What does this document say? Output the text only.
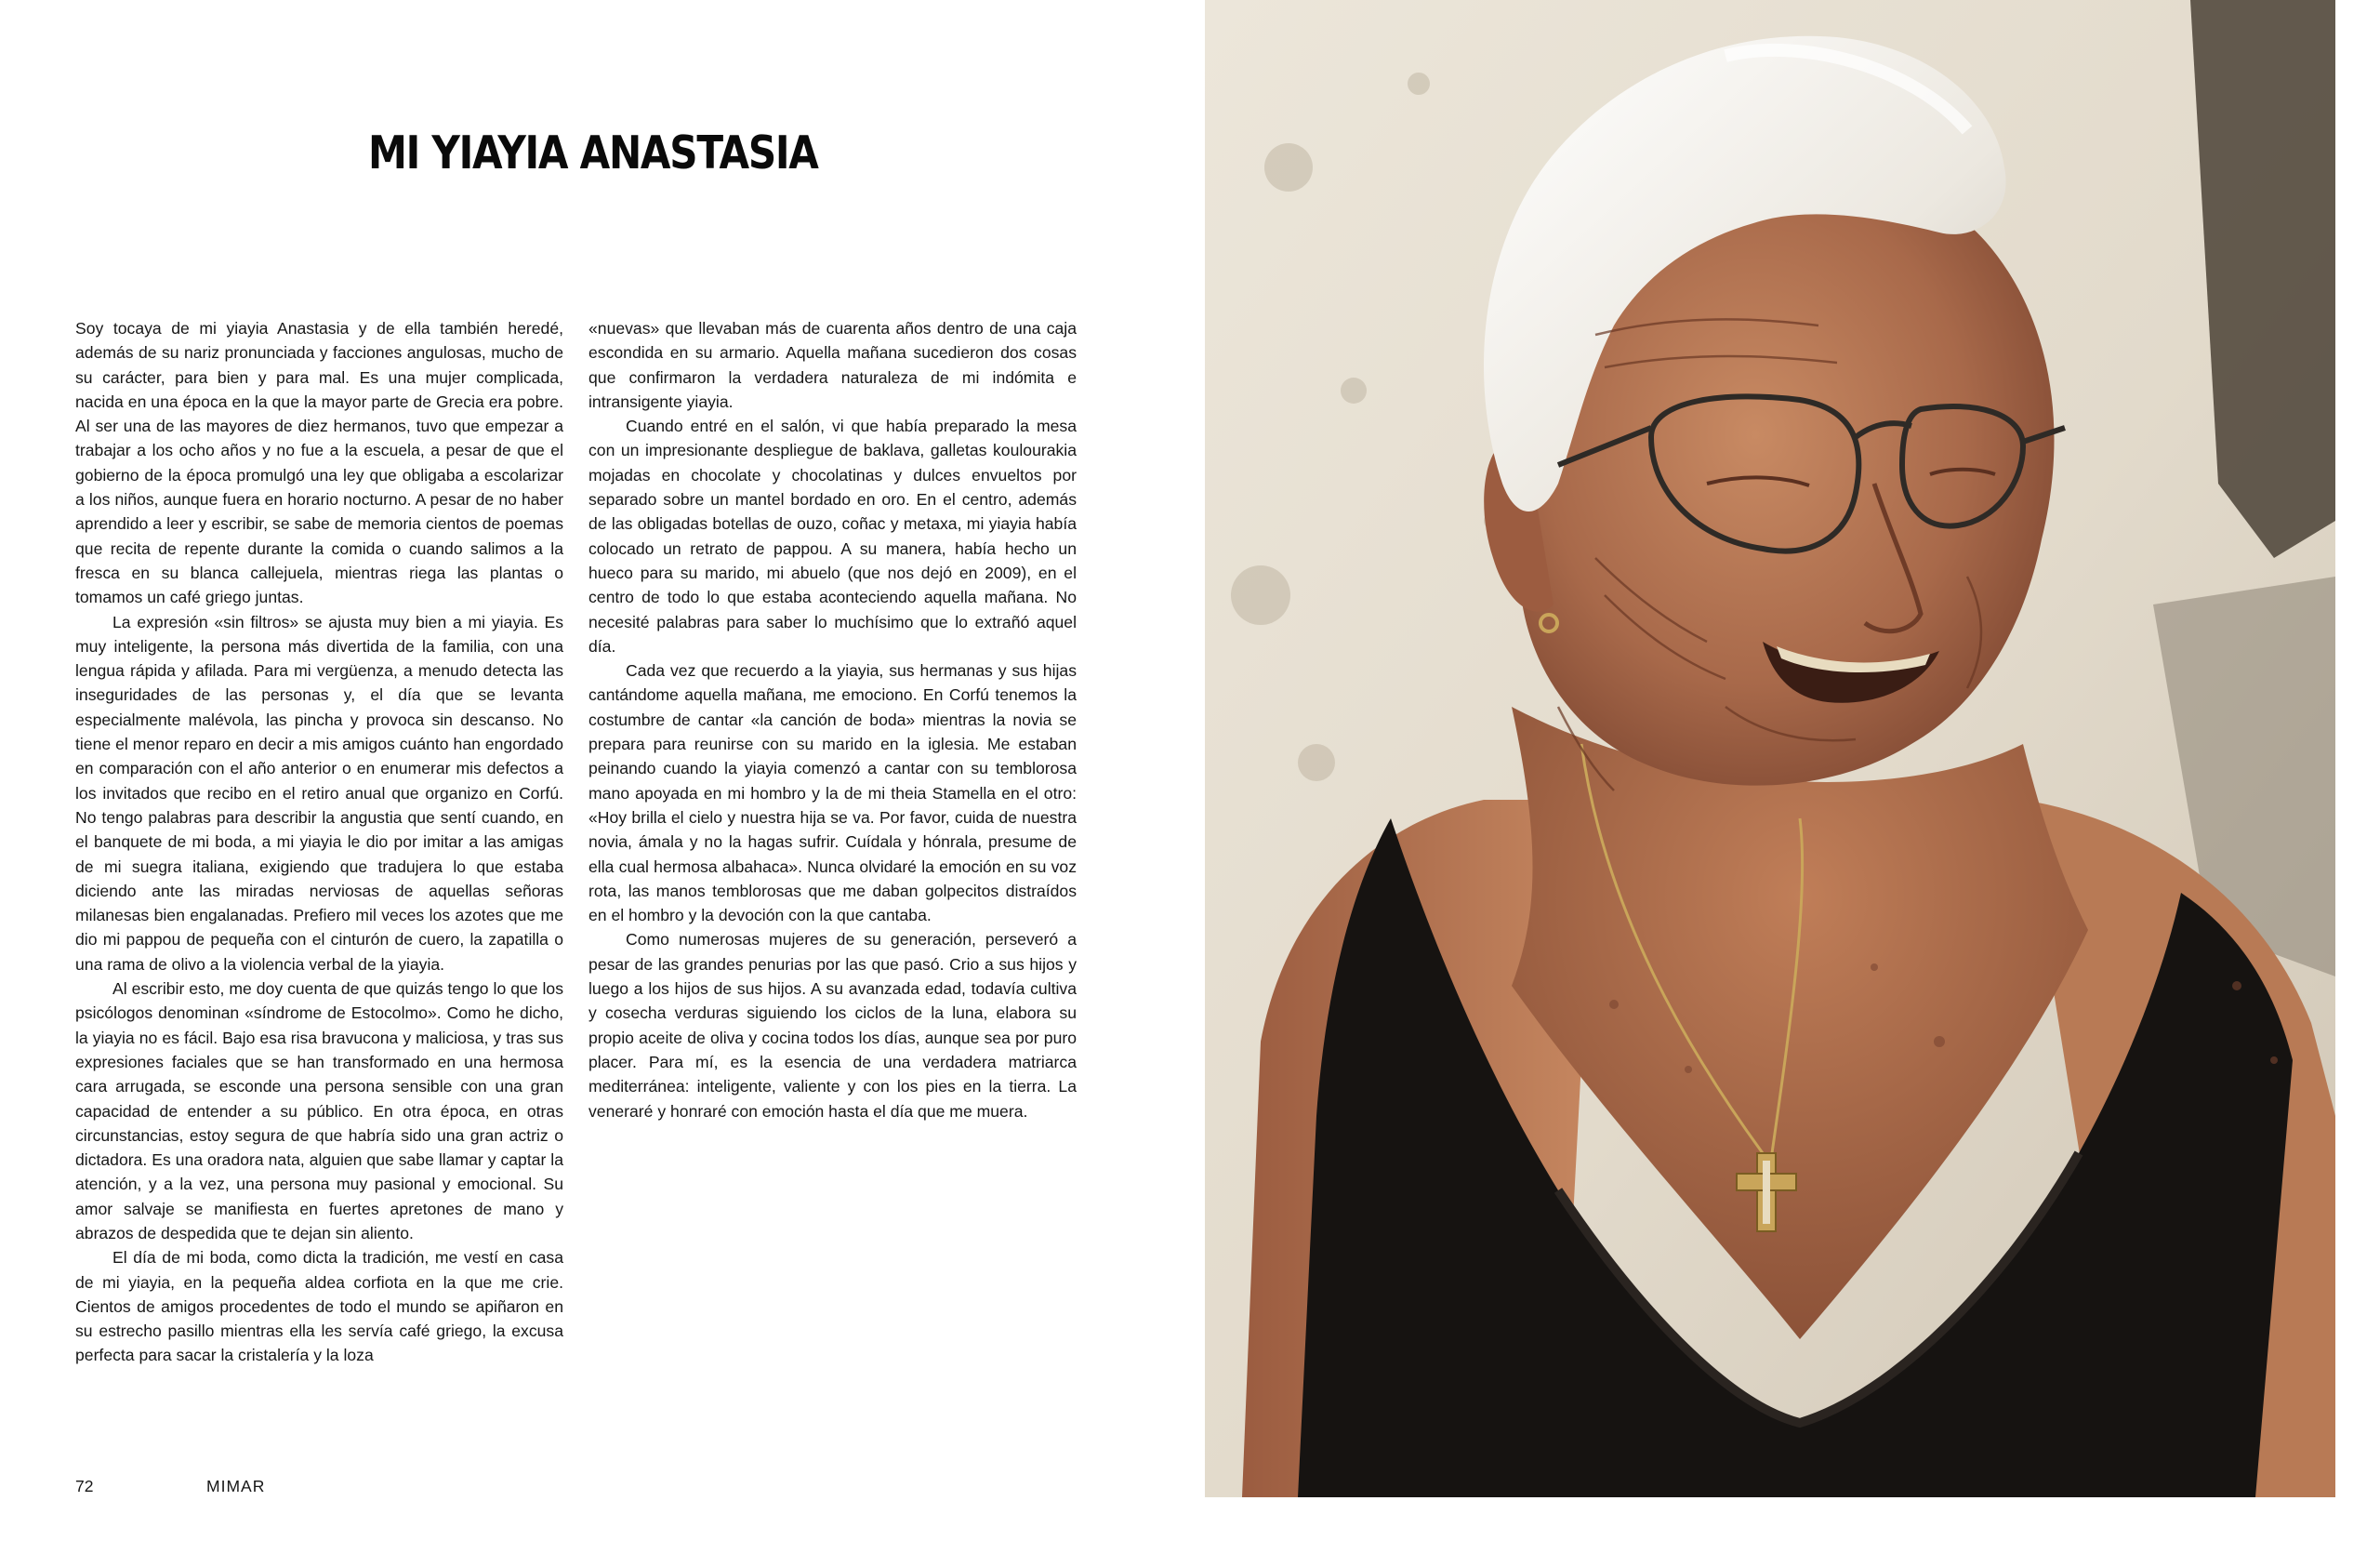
MI YIAYIA ANASTASIA

Soy tocaya de mi yiayia Anastasia y de ella también heredé, además de su nariz pronunciada y facciones angulosas, mucho de su carácter, para bien y para mal. Es una mujer complicada, nacida en una época en la que la mayor parte de Grecia era pobre. Al ser una de las mayores de diez hermanos, tuvo que empezar a trabajar a los ocho años y no fue a la escuela, a pesar de que el gobierno de la época promulgó una ley que obligaba a escolarizar a los niños, aunque fuera en horario nocturno. A pesar de no haber aprendido a leer y escribir, se sabe de memoria cientos de poemas que recita de repente durante la comida o cuando salimos a la fresca en su blanca callejuela, mientras riega las plantas o tomamos un café griego juntas.

La expresión «sin filtros» se ajusta muy bien a mi yiayia. Es muy inteligente, la persona más divertida de la familia, con una lengua rápida y afilada. Para mi vergüenza, a menudo detecta las inseguridades de las personas y, el día que se levanta especialmente malévola, las pincha y provoca sin descanso. No tiene el menor reparo en decir a mis amigos cuánto han engordado en comparación con el año anterior o en enumerar mis defectos a los invitados que recibo en el retiro anual que organizo en Corfú. No tengo palabras para describir la angustia que sentí cuando, en el banquete de mi boda, a mi yiayia le dio por imitar a las amigas de mi suegra italiana, exigiendo que tradujera lo que estaba diciendo ante las miradas nerviosas de aquellas señoras milanesas bien engalanadas. Prefiero mil veces los azotes que me dio mi pappou de pequeña con el cinturón de cuero, la zapatilla o una rama de olivo a la violencia verbal de la yiayia.

Al escribir esto, me doy cuenta de que quizás tengo lo que los psicólogos denominan «síndrome de Estocolmo». Como he dicho, la yiayia no es fácil. Bajo esa risa bravucona y maliciosa, y tras sus expresiones faciales que se han transformado en una hermosa cara arrugada, se esconde una persona sensible con una gran capacidad de entender a su público. En otra época, en otras circunstancias, estoy segura de que habría sido una gran actriz o dictadora. Es una oradora nata, alguien que sabe llamar y captar la atención, y a la vez, una persona muy pasional y emocional. Su amor salvaje se manifiesta en fuertes apretones de mano y abrazos de despedida que te dejan sin aliento.

El día de mi boda, como dicta la tradición, me vestí en casa de mi yiayia, en la pequeña aldea corfiota en la que me crie. Cientos de amigos procedentes de todo el mundo se apiñaron en su estrecho pasillo mientras ella les servía café griego, la excusa perfecta para sacar la cristalería y la loza

«nuevas» que llevaban más de cuarenta años dentro de una caja escondida en su armario. Aquella mañana sucedieron dos cosas que confirmaron la verdadera naturaleza de mi indómita e intransigente yiayia.

Cuando entré en el salón, vi que había preparado la mesa con un impresionante despliegue de baklava, galletas koulourakia mojadas en chocolate y chocolatinas y dulces envueltos por separado sobre un mantel bordado en oro. En el centro, además de las obligadas botellas de ouzo, coñac y metaxa, mi yiayia había colocado un retrato de pappou. A su manera, había hecho un hueco para su marido, mi abuelo (que nos dejó en 2009), en el centro de todo lo que estaba aconteciendo aquella mañana. No necesité palabras para saber lo muchísimo que lo extrañó aquel día.

Cada vez que recuerdo a la yiayia, sus hermanas y sus hijas cantándome aquella mañana, me emociono. En Corfú tenemos la costumbre de cantar «la canción de boda» mientras la novia se prepara para reunirse con su marido en la iglesia. Me estaban peinando cuando la yiayia comenzó a cantar con su temblorosa mano apoyada en mi hombro y la de mi theia Stamella en el otro: «Hoy brilla el cielo y nuestra hija se va. Por favor, cuida de nuestra novia, ámala y no la hagas sufrir. Cuídala y hónrala, presume de ella cual hermosa albahaca». Nunca olvidaré la emoción en su voz rota, las manos temblorosas que me daban golpecitos distraídos en el hombro y la devoción con la que cantaba.

Como numerosas mujeres de su generación, perseveró a pesar de las grandes penurias por las que pasó. Crio a sus hijos y luego a los hijos de sus hijos. A su avanzada edad, todavía cultiva y cosecha verduras siguiendo los ciclos de la luna, elabora su propio aceite de oliva y cocina todos los días, aunque sea por puro placer. Para mí, es la esencia de una verdadera matriarca mediterránea: inteligente, valiente y con los pies en la tierra. La veneraré y honraré con emoción hasta el día que me muera.

72	MIMAR
